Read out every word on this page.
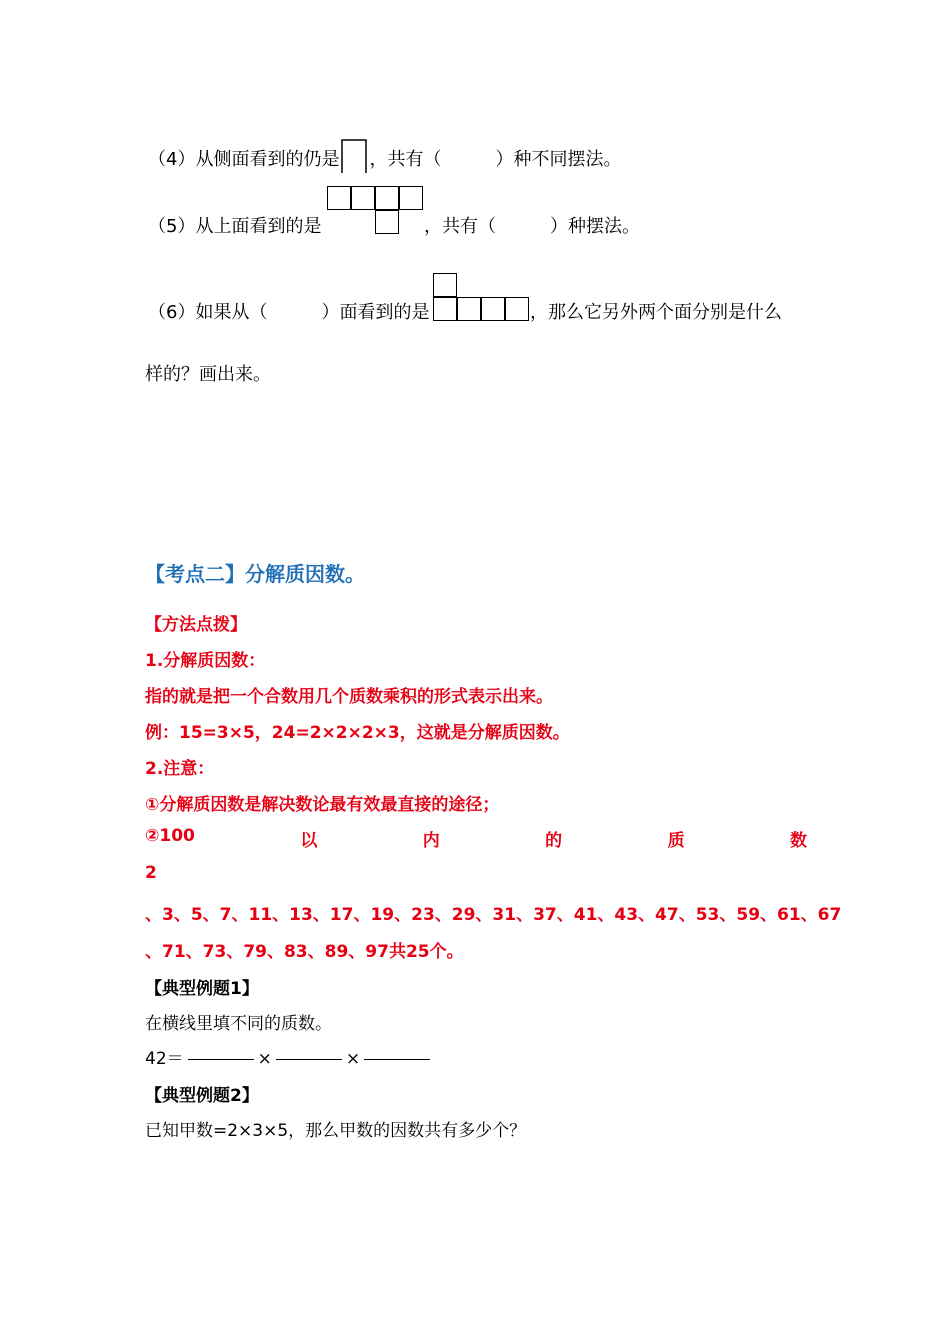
（4）从侧面看到的仍是 ，共有（　　　）种不同摆法。
（5）从上面看到的是	，共有（　　　）种摆法。
（6）如果从（　　　）面看到的是	，那么它另外两个面分别是什么
样的？画出来。
【考点二】分解质因数。
【方法点拨】
1.分解质因数：
指的就是把一个合数用几个质数乘积的形式表示出来。
例：15=3×5，24=2×2×2×3，这就是分解质因数。
2.注意：
①分解质因数是解决数论最有效最直接的途径；
②100	以	内	的	质	数
2
、3、5、7、11、13、17、19、23、29、31、37、41、43、47、53、59、61、67
、71、73、79、83、89、97共25个。
【典型例题1】
在横线里填不同的质数。
42＝	×	×
【典型例题2】
已知甲数=2×3×5，那么甲数的因数共有多少个？
